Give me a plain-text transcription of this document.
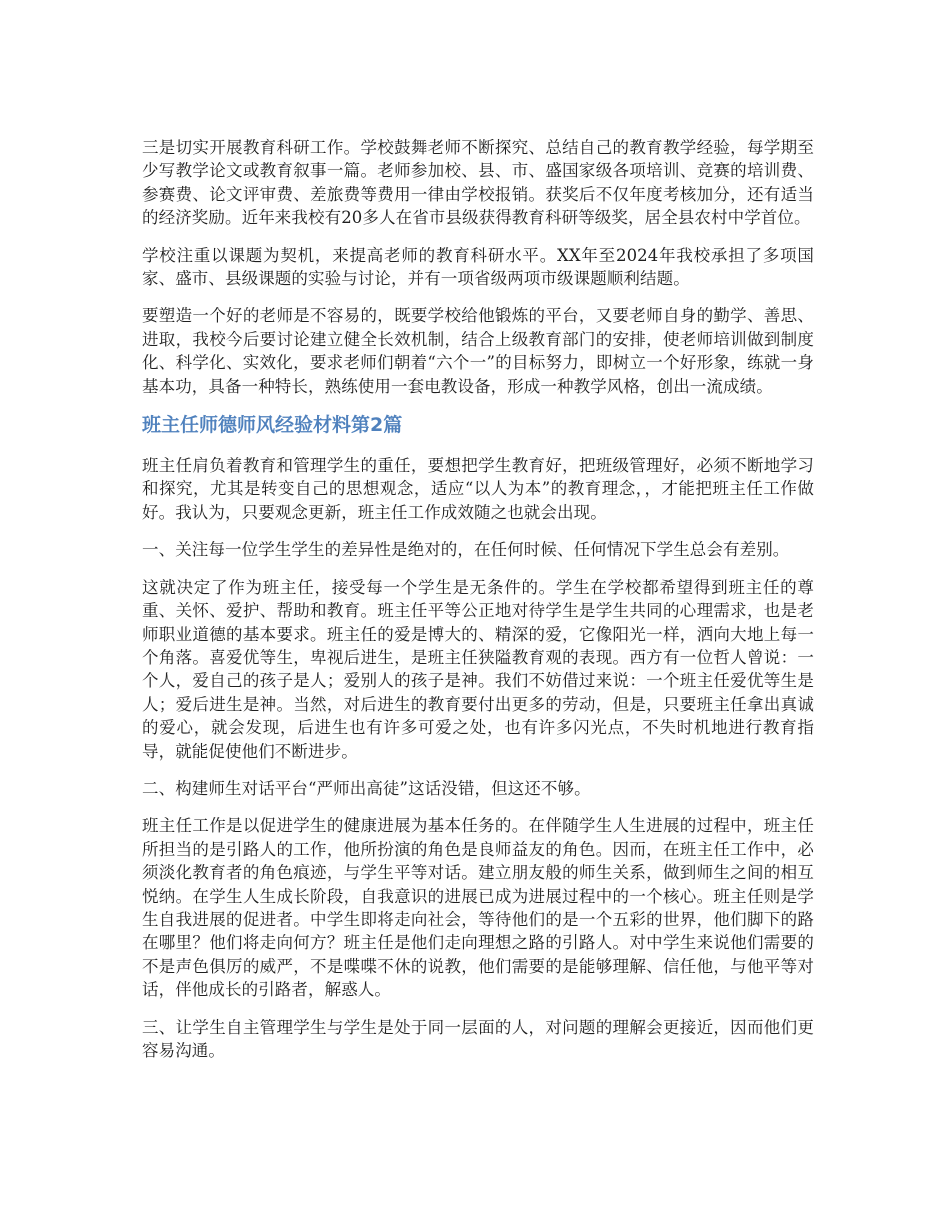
三是切实开展教育科研工作。学校鼓舞老师不断探究、总结自己的教育教学经验，每学期至少写教学论文或教育叙事一篇。老师参加校、县、市、盛国家级各项培训、竞赛的培训费、参赛费、论文评审费、差旅费等费用一律由学校报销。获奖后不仅年度考核加分，还有适当的经济奖励。近年来我校有20多人在省市县级获得教育科研等级奖，居全县农村中学首位。

学校注重以课题为契机，来提高老师的教育科研水平。XX年至2024年我校承担了多项国家、盛市、县级课题的实验与讨论，并有一项省级两项市级课题顺利结题。

要塑造一个好的老师是不容易的，既要学校给他锻炼的平台，又要老师自身的勤学、善思、进取，我校今后要讨论建立健全长效机制，结合上级教育部门的安排，使老师培训做到制度化、科学化、实效化，要求老师们朝着“六个一”的目标努力，即树立一个好形象，练就一身基本功，具备一种特长，熟练使用一套电教设备，形成一种教学风格，创出一流成绩。

班主任师德师风经验材料第2篇

班主任肩负着教育和管理学生的重任，要想把学生教育好，把班级管理好，必须不断地学习和探究，尤其是转变自己的思想观念，适应“以人为本”的教育理念，，才能把班主任工作做好。我认为，只要观念更新，班主任工作成效随之也就会出现。

一、关注每一位学生学生的差异性是绝对的，在任何时候、任何情况下学生总会有差别。

这就决定了作为班主任，接受每一个学生是无条件的。学生在学校都希望得到班主任的尊重、关怀、爱护、帮助和教育。班主任平等公正地对待学生是学生共同的心理需求，也是老师职业道德的基本要求。班主任的爱是博大的、精深的爱，它像阳光一样，洒向大地上每一个角落。喜爱优等生，卑视后进生，是班主任狭隘教育观的表现。西方有一位哲人曾说：一个人，爱自己的孩子是人；爱别人的孩子是神。我们不妨借过来说：一个班主任爱优等生是人；爱后进生是神。当然，对后进生的教育要付出更多的劳动，但是，只要班主任拿出真诚的爱心，就会发现，后进生也有许多可爱之处，也有许多闪光点，不失时机地进行教育指导，就能促使他们不断进步。

二、构建师生对话平台“严师出高徒”这话没错，但这还不够。

班主任工作是以促进学生的健康进展为基本任务的。在伴随学生人生进展的过程中，班主任所担当的是引路人的工作，他所扮演的角色是良师益友的角色。因而，在班主任工作中，必须淡化教育者的角色痕迹，与学生平等对话。建立朋友般的师生关系，做到师生之间的相互悦纳。在学生人生成长阶段，自我意识的进展已成为进展过程中的一个核心。班主任则是学生自我进展的促进者。中学生即将走向社会，等待他们的是一个五彩的世界，他们脚下的路在哪里？他们将走向何方？班主任是他们走向理想之路的引路人。对中学生来说他们需要的不是声色俱厉的威严，不是喋喋不休的说教，他们需要的是能够理解、信任他，与他平等对话，伴他成长的引路者，解惑人。

三、让学生自主管理学生与学生是处于同一层面的人，对问题的理解会更接近，因而他们更容易沟通。
